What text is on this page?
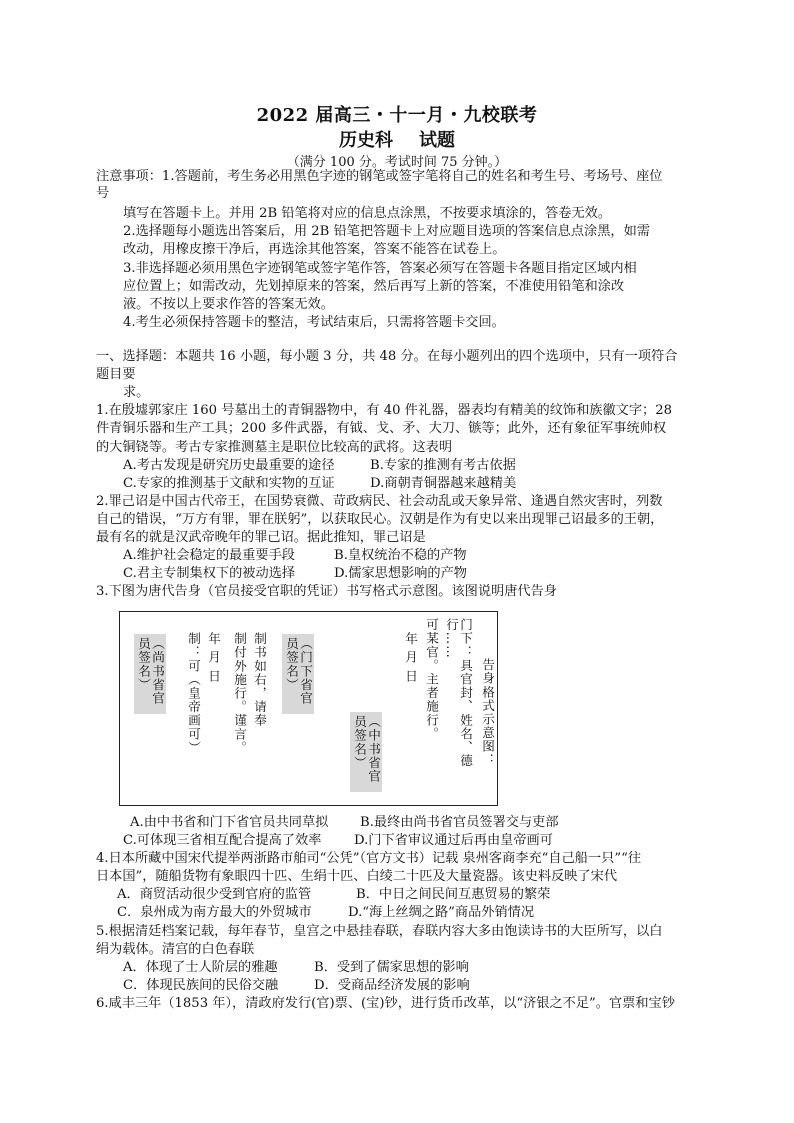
2022 届高三・十一月・九校联考
历史科 试题
（满分 100 分。考试时间 75 分钟。）
注意事项：1.答题前，考生务必用黑色字迹的钢笔或签字笔将自己的姓名和考生号、考场号、座位
号
填写在答题卡上。并用 2B 铅笔将对应的信息点涂黑，不按要求填涂的，答卷无效。
2.选择题每小题选出答案后，用 2B 铅笔把答题卡上对应题目选项的答案信息点涂黑，如需
改动，用橡皮擦干净后，再选涂其他答案，答案不能答在试卷上。
3.非选择题必须用黑色字迹钢笔或签字笔作答，答案必须写在答题卡各题目指定区域内相
应位置上；如需改动，先划掉原来的答案，然后再写上新的答案，不准使用铅笔和涂改
液。不按以上要求作答的答案无效。
4.考生必须保持答题卡的整洁，考试结束后，只需将答题卡交回。
一、选择题：本题共 16 小题，每小题 3 分，共 48 分。在每小题列出的四个选项中，只有一项符合
题目要
求。
1.在殷墟郭家庄 160 号墓出土的青铜器物中，有 40 件礼器，器表均有精美的纹饰和族徽文字；28
件青铜乐器和生产工具；200 多件武器，有钺、戈、矛、大刀、镞等；此外，还有象征军事统帅权
的大铜铙等。考古专家推测墓主是职位比较高的武将。这表明
A.考古发现是研究历史最重要的途径	B.专家的推测有考古依据
C.专家的推测基于文献和实物的互证	D.商朝青铜器越来越精美
2.罪己诏是中国古代帝王，在国势衰微、苛政病民、社会动乱或天象异常、逢遇自然灾害时，列数
自己的错误，“万方有罪，罪在朕躬”，以获取民心。汉朝是作为有史以来出现罪己诏最多的王朝，
最有名的就是汉武帝晚年的罪己诏。据此推知，罪己诏是
A.维护社会稳定的最重要手段	B.皇权统治不稳的产物
C.君主专制集权下的被动选择	D.儒家思想影响的产物
3.下图为唐代告身（官员接受官职的凭证）书写格式示意图。该图说明唐代告身
（尚书省官员签名）	制：可（皇帝画可） 年 月 日 制付外施行。谨言。 制书如右，请奉	（门下省官员签名）
（中书省官员签名）
年 月 日 可某官。主者施行。	门下：具官封、姓名、德行……
告身格式示意图：
A.由中书省和门下省官员共同草拟 B.最终由尚书省官员签署交与吏部
C.可体现三省相互配合提高了效率 D.门下省审议通过后再由皇帝画可
4.日本所藏中国宋代提举两浙路市舶司“公凭”（官方文书）记载 泉州客商李充“自己船一只”“往
日本国”，随船货物有象眼四十匹、生绢十匹、白绫二十匹及大量瓷器。该史料反映了宋代
A．商贸活动很少受到官府的监管	B．中日之间民间互惠贸易的繁荣
C．泉州成为南方最大的外贸城市	D.“海上丝绸之路”商品外销情况
5.根据清廷档案记载，每年春节，皇宫之中悬挂春联，春联内容大多由饱读诗书的大臣所写，以白
绢为载体。清宫的白色春联
A．体现了士人阶层的雅趣	B．受到了儒家思想的影响
C．体现民族间的民俗交融	D．受商品经济发展的影响
6.咸丰三年（1853 年），清政府发行(官)票、(宝)钞，进行货币改革，以“济银之不足”。官票和宝钞
